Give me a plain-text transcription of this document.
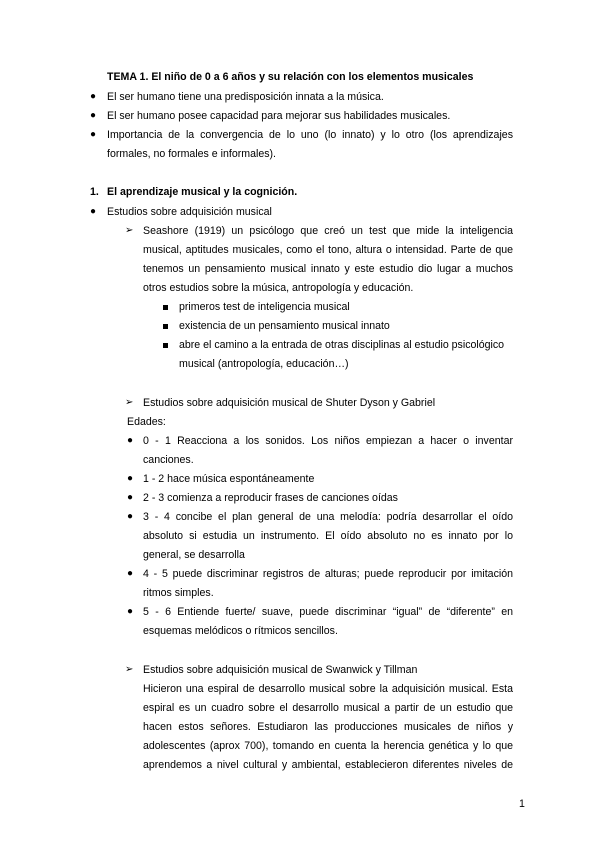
TEMA 1. El niño de 0 a 6 años y su relación con los elementos musicales
● El ser humano tiene una predisposición innata a la música.
● El ser humano posee capacidad para mejorar sus habilidades musicales.
● Importancia de la convergencia de lo uno (lo innato) y lo otro (los aprendizajes
formales, no formales e informales).
1. El aprendizaje musical y la cognición.
● Estudios sobre adquisición musical
➢ Seashore (1919) un psicólogo que creó un test que mide la inteligencia
musical, aptitudes musicales, como el tono, altura o intensidad. Parte de que
tenemos un pensamiento musical innato y este estudio dio lugar a muchos
otros estudios sobre la música, antropología y educación.
primeros test de inteligencia musical
existencia de un pensamiento musical innato
abre el camino a la entrada de otras disciplinas al estudio psicológico
musical (antropología, educación…)
➢ Estudios sobre adquisición musical de Shuter Dyson y Gabriel
Edades:
● 0 - 1 Reacciona a los sonidos. Los niños empiezan a hacer o inventar
canciones.
● 1 - 2 hace música espontáneamente
● 2 - 3 comienza a reproducir frases de canciones oídas
● 3 - 4 concibe el plan general de una melodía: podría desarrollar el oído
absoluto si estudia un instrumento. El oído absoluto no es innato por lo
general, se desarrolla
● 4 - 5 puede discriminar registros de alturas; puede reproducir por imitación
ritmos simples.
● 5 - 6 Entiende fuerte/ suave, puede discriminar “igual” de “diferente” en
esquemas melódicos o rítmicos sencillos.
➢ Estudios sobre adquisición musical de Swanwick y Tillman
Hicieron una espiral de desarrollo musical sobre la adquisición musical. Esta
espiral es un cuadro sobre el desarrollo musical a partir de un estudio que
hacen estos señores. Estudiaron las producciones musicales de niños y
adolescentes (aprox 700), tomando en cuenta la herencia genética y lo que
aprendemos a nivel cultural y ambiental, establecieron diferentes niveles de
1
